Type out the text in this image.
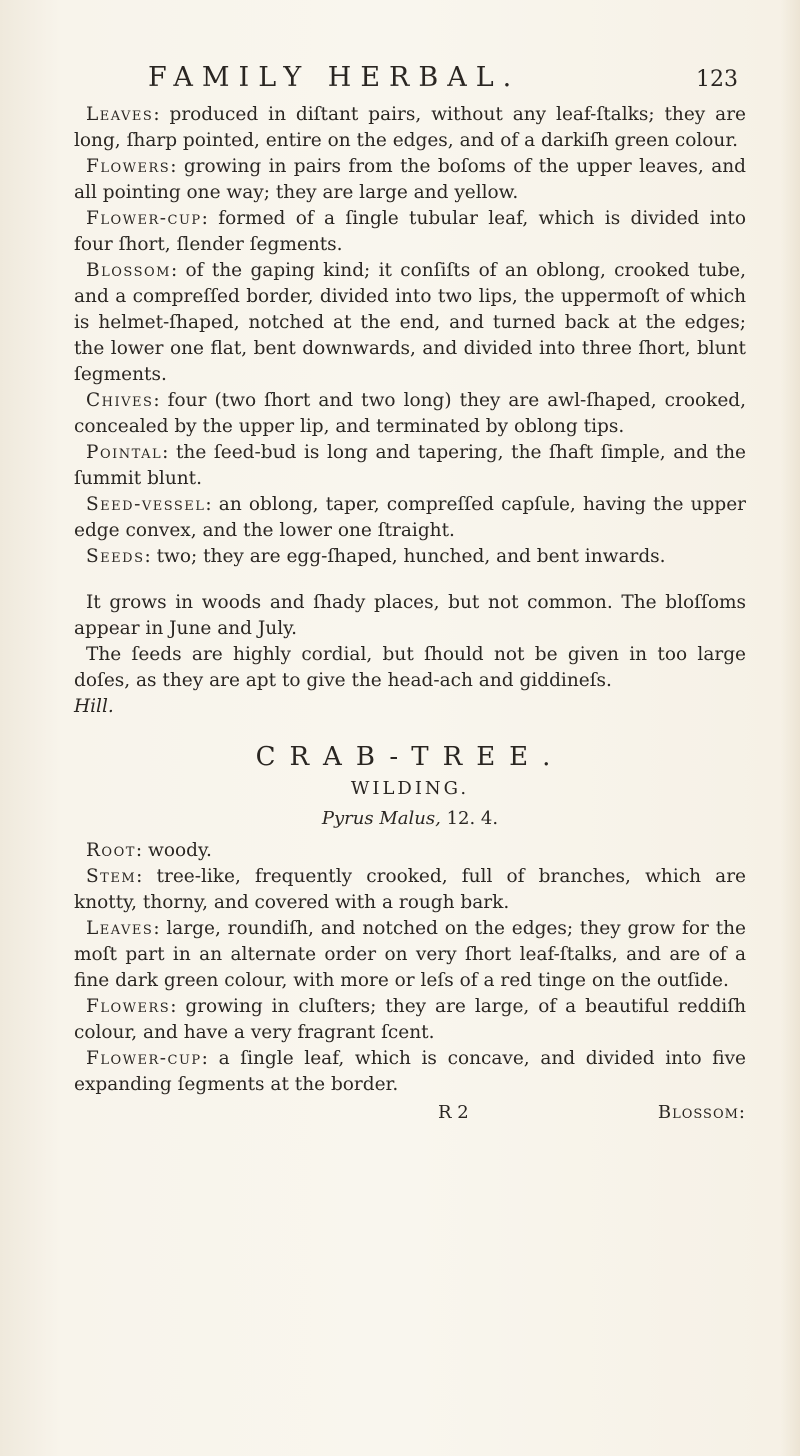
FAMILY HERBAL.	123

Leaves: produced in diſtant pairs, without any leaf-ſtalks; they are long, ſharp pointed, entire on the edges, and of a darkiſh green colour.

Flowers: growing in pairs from the boſoms of the upper leaves, and all pointing one way; they are large and yellow.

Flower-cup: formed of a ſingle tubular leaf, which is divided into four ſhort, ſlender ſegments.

Blossom: of the gaping kind; it conſiſts of an oblong, crooked tube, and a compreſſed border, divided into two lips, the uppermoſt of which is helmet-ſhaped, notched at the end, and turned back at the edges; the lower one flat, bent downwards, and divided into three ſhort, blunt ſegments.

Chives: four (two ſhort and two long) they are awl-ſhaped, crooked, concealed by the upper lip, and terminated by oblong tips.

Pointal: the ſeed-bud is long and tapering, the ſhaft ſimple, and the ſummit blunt.

Seed-vessel: an oblong, taper, compreſſed capſule, having the upper edge convex, and the lower one ſtraight.

Seeds: two; they are egg-ſhaped, hunched, and bent inwards.

It grows in woods and ſhady places, but not common. The bloſſoms appear in June and July.

The ſeeds are highly cordial, but ſhould not be given in too large doſes, as they are apt to give the head-ach and giddineſs.

Hill.

CRAB-TREE.
WILDING.
Pyrus Malus, 12. 4.

Root: woody.

Stem: tree-like, frequently crooked, full of branches, which are knotty, thorny, and covered with a rough bark.

Leaves: large, roundiſh, and notched on the edges; they grow for the moſt part in an alternate order on very ſhort leaf-ſtalks, and are of a fine dark green colour, with more or leſs of a red tinge on the outſide.

Flowers: growing in cluſters; they are large, of a beautiful reddiſh colour, and have a very fragrant ſcent.

Flower-cup: a ſingle leaf, which is concave, and divided into five expanding ſegments at the border.

R 2	Blossom:
